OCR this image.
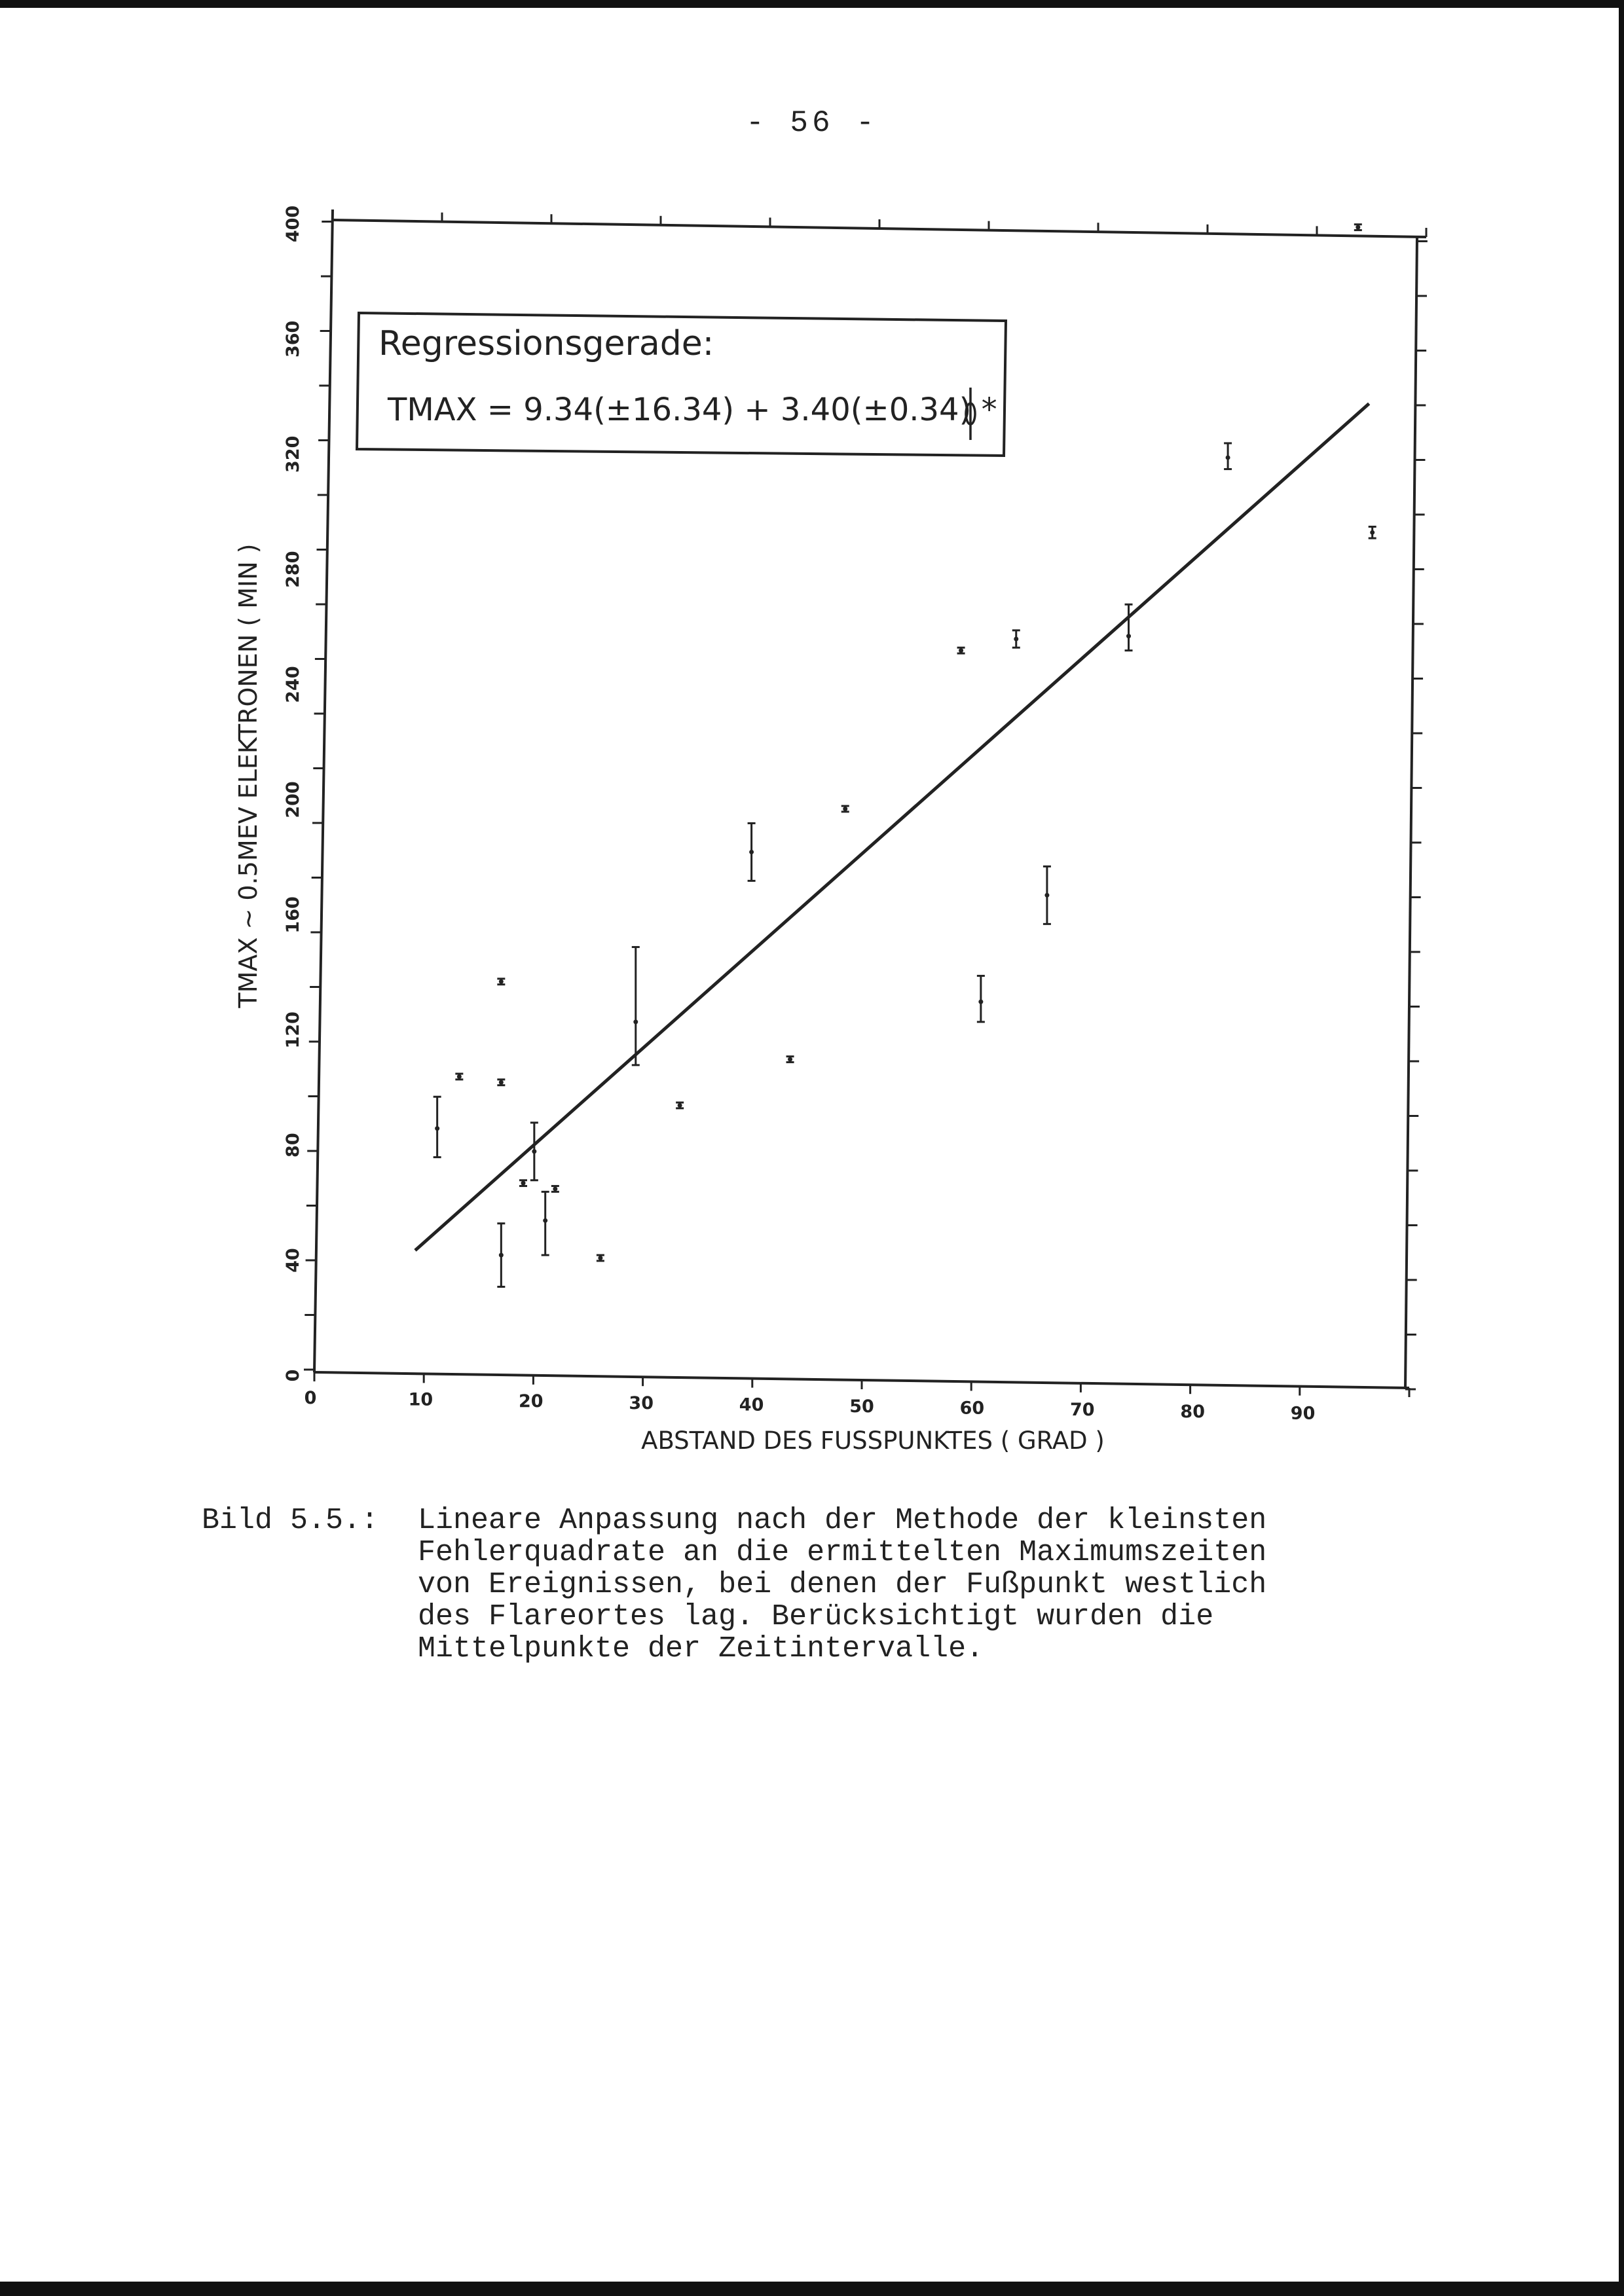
- 56 -
0
40
80
120
160
200
240
280
320
360
400
0	10	20	30	40	50	60	70	80	90
TMAX ~ 0.5MEV ELEKTRONEN ( MIN )
ABSTAND DES FUSSPUNKTES ( GRAD )
Regressionsgerade:
TMAX = 9.34(±16.34) + 3.40(±0.34) *
Bild 5.5.: Lineare Anpassung nach der Methode der kleinsten
Fehlerquadrate an die ermittelten Maximumszeiten
von Ereignissen, bei denen der Fußpunkt westlich
des Flareortes lag. Berücksichtigt wurden die
Mittelpunkte der Zeitintervalle.
